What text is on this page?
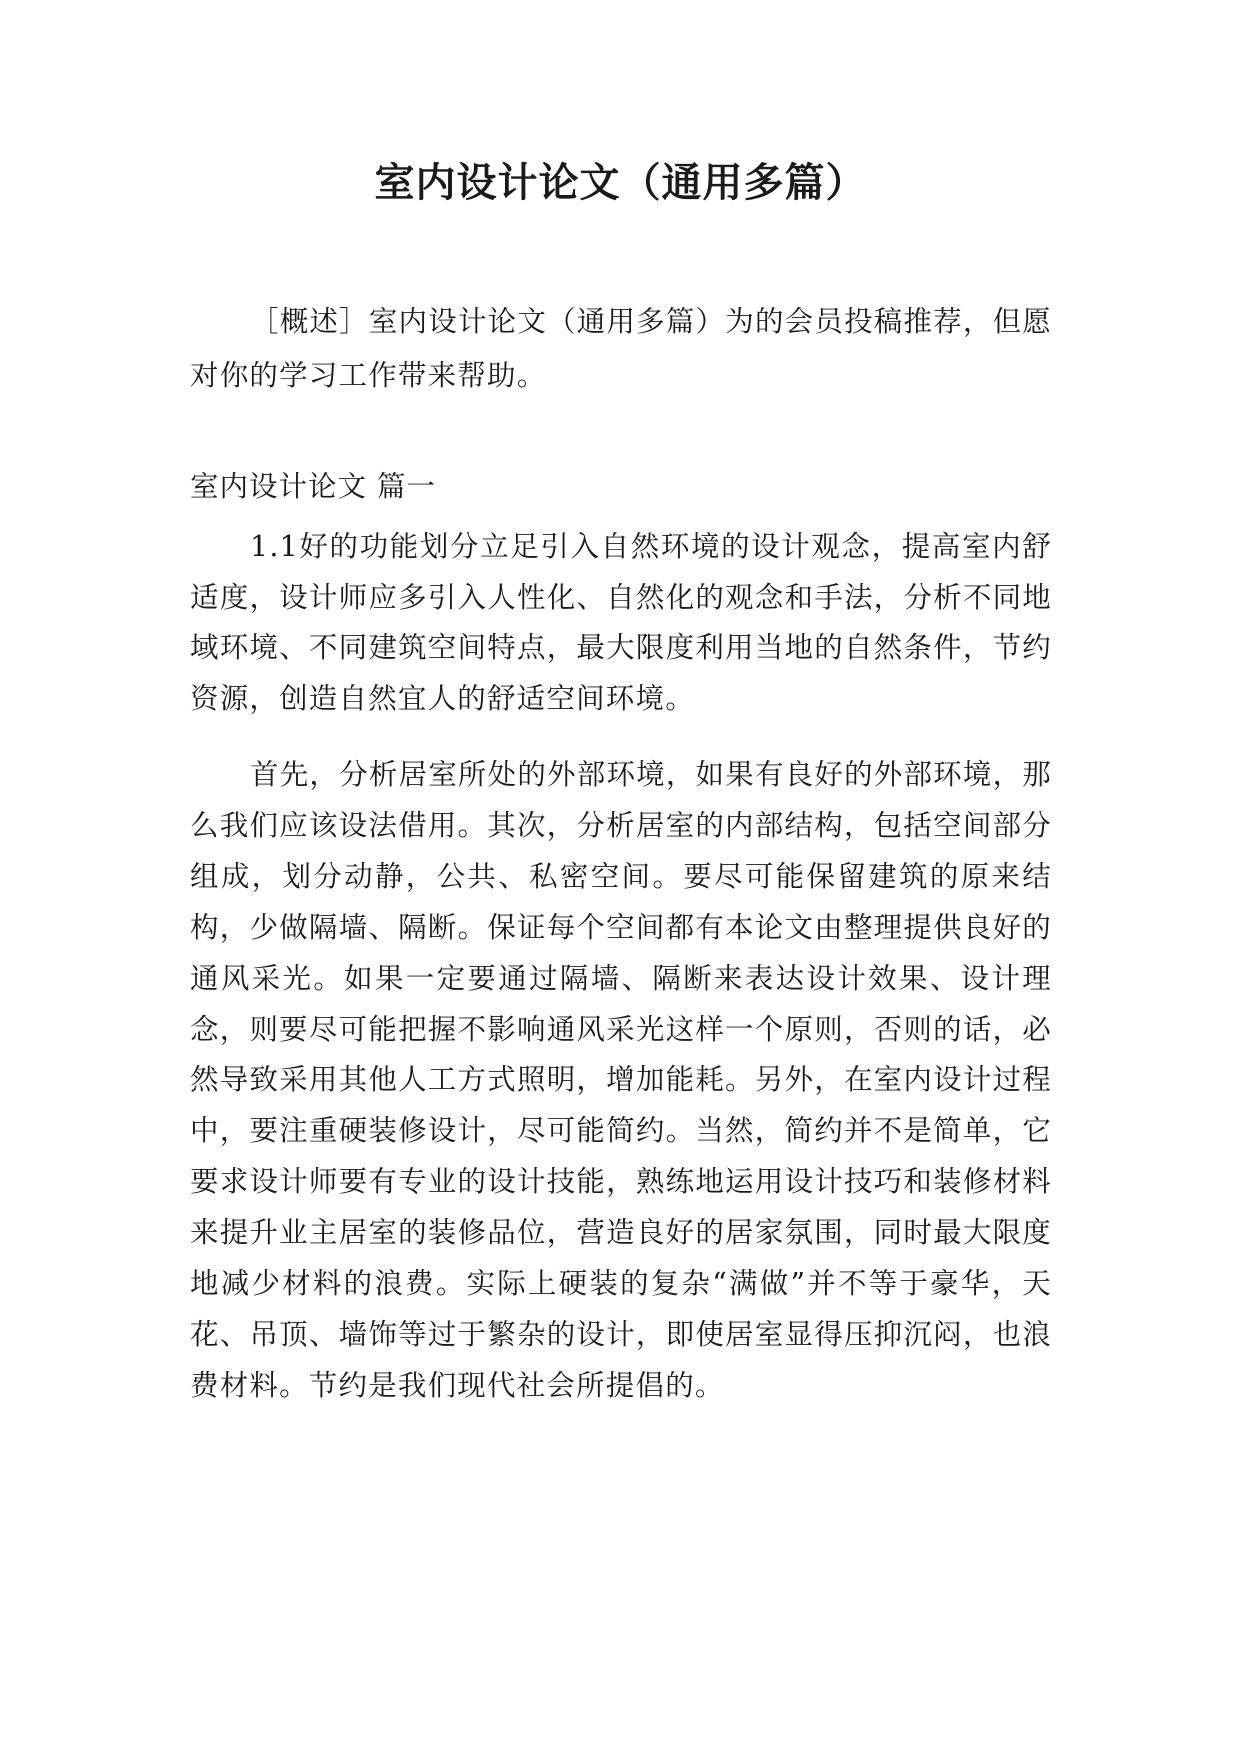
室内设计论文（通用多篇）

［概述］室内设计论文（通用多篇）为的会员投稿推荐，但愿对你的学习工作带来帮助。

室内设计论文 篇一

1.1好的功能划分立足引入自然环境的设计观念，提高室内舒适度，设计师应多引入人性化、自然化的观念和手法，分析不同地域环境、不同建筑空间特点，最大限度利用当地的自然条件，节约资源，创造自然宜人的舒适空间环境。

首先，分析居室所处的外部环境，如果有良好的外部环境，那么我们应该设法借用。其次，分析居室的内部结构，包括空间部分组成，划分动静，公共、私密空间。要尽可能保留建筑的原来结构，少做隔墙、隔断。保证每个空间都有本论文由整理提供良好的通风采光。如果一定要通过隔墙、隔断来表达设计效果、设计理念，则要尽可能把握不影响通风采光这样一个原则，否则的话，必然导致采用其他人工方式照明，增加能耗。另外，在室内设计过程中，要注重硬装修设计，尽可能简约。当然，简约并不是简单，它要求设计师要有专业的设计技能，熟练地运用设计技巧和装修材料来提升业主居室的装修品位，营造良好的居家氛围，同时最大限度地减少材料的浪费。实际上硬装的复杂“满做”并不等于豪华，天花、吊顶、墙饰等过于繁杂的设计，即使居室显得压抑沉闷，也浪费材料。节约是我们现代社会所提倡的。
